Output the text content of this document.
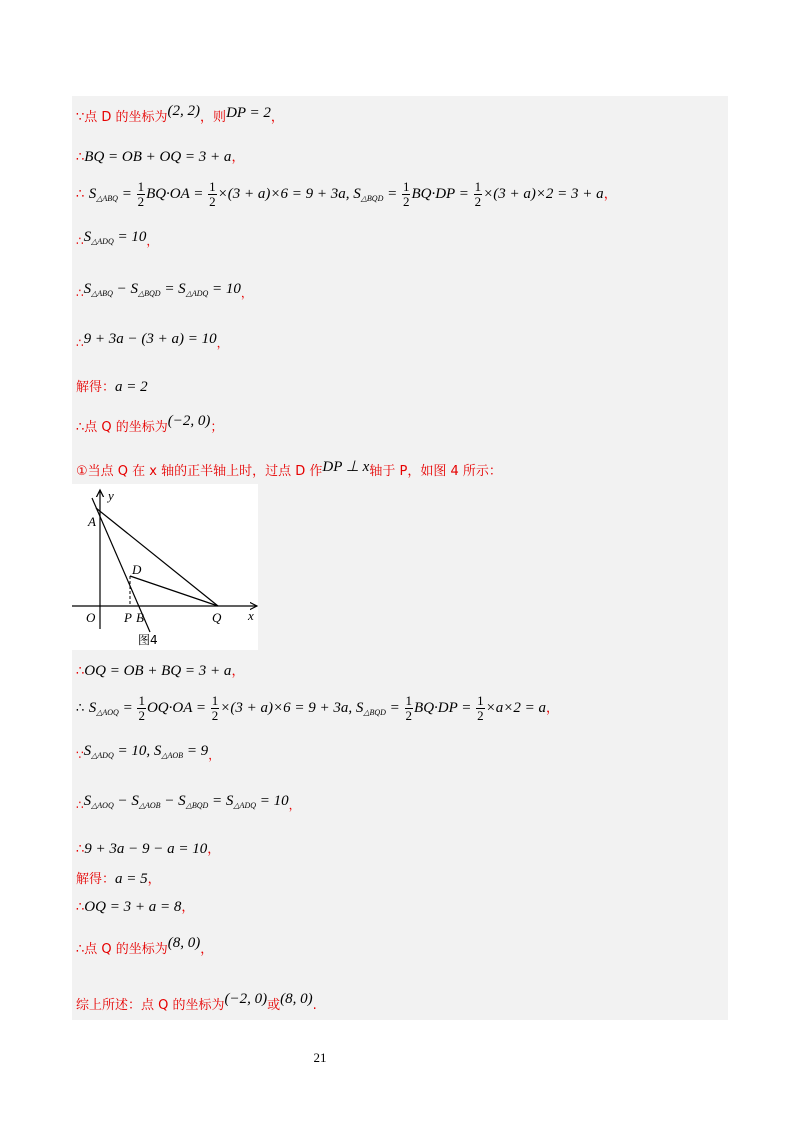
∵点 D 的坐标为(2, 2)，则DP = 2，
∴BQ = OB + OQ = 3 + a，
∴ $S_{\triangle ABQ} = \frac{1}{2} BQ\cdot OA = \frac{1}{2} \times(3 + a)\times 6 = 9 + 3a$, $S_{\triangle BQD} = \frac{1}{2} BQ\cdot DP = \frac{1}{2} \times(3 + a)\times 2 = 3 + a$，
$\therefore S_{\triangle ADQ} = 10$，
$\therefore S_{\triangle ABQ} - S_{\triangle BQD} = S_{\triangle ADQ} = 10$，
∴9 + 3a − (3 + a) = 10，
解得：a = 2
∴点 Q 的坐标为(−2, 0)；
①当点 Q 在 x 轴的正半轴上时，过点 D 作DP ⊥ x轴于 P，如图 4 所示：
y
A
D
O P B	Q x
图4
∴OQ = OB + BQ = 3 + a，
∴ $S_{\triangle AOQ} = \frac{1}{2} OQ\cdot OA = \frac{1}{2} \times(3 + a)\times 6 = 9 + 3a$, $S_{\triangle BQD} = \frac{1}{2} BQ\cdot DP = \frac{1}{2} \times a\times 2 = a$，
$\because S_{\triangle ADQ} = 10$, $S_{\triangle AOB} = 9$，
$\therefore S_{\triangle AOQ} - S_{\triangle AOB} - S_{\triangle BQD} = S_{\triangle ADQ} = 10$，
∴9 + 3a − 9 − a = 10，
解得：a = 5，
∴OQ = 3 + a = 8，
∴点 Q 的坐标为(8, 0)，
综上所述：点 Q 的坐标为(−2, 0)或(8, 0).
21
